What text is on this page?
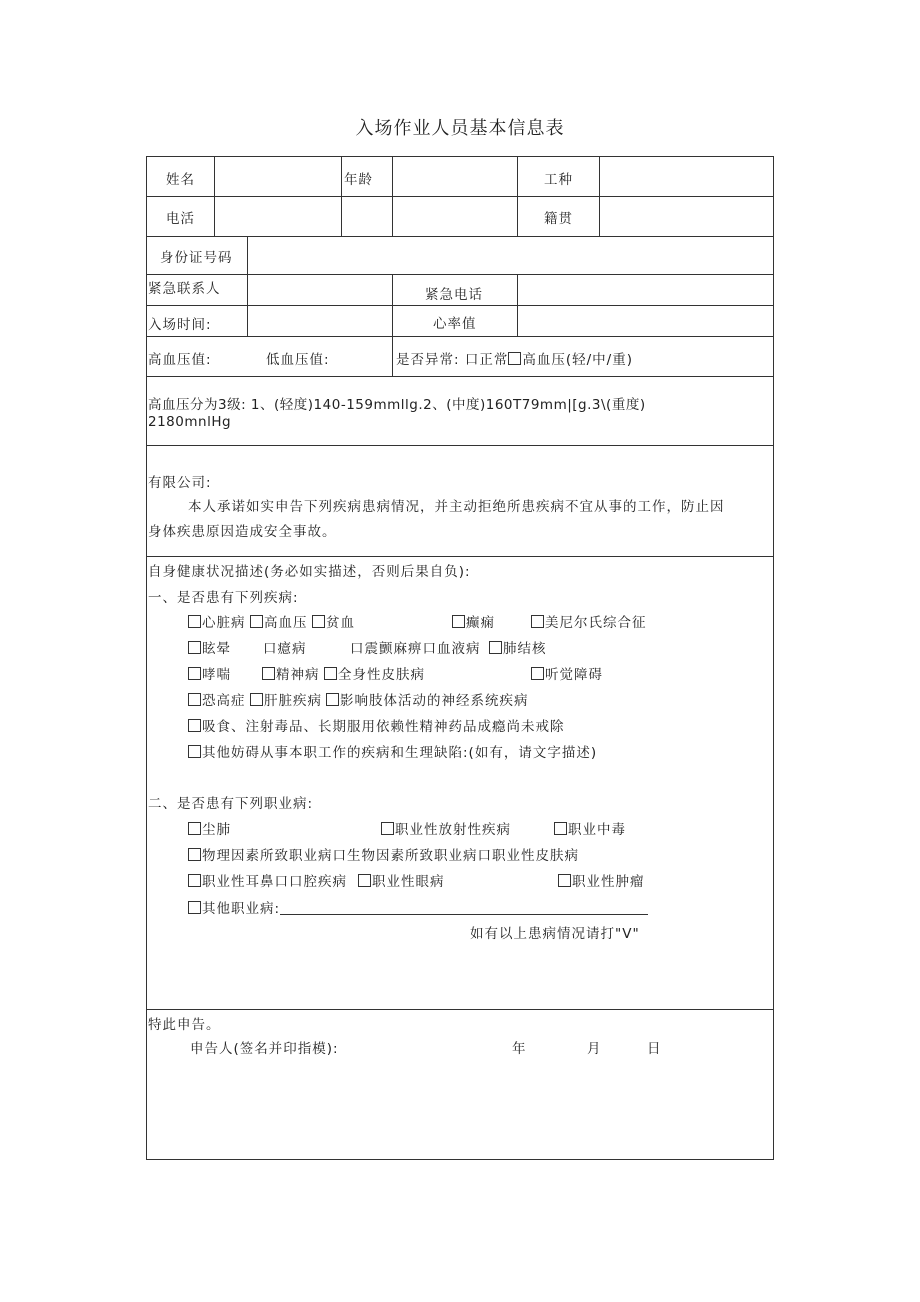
入场作业人员基本信息表
姓名	年龄	工种
电活	籍贯
身份证号码
紧急联系人	紧急电话
入场时间:	心率值
高血压值:	低血压值:	是否异常: 口正常 高血压(轻/中/重)
高血压分为3级: 1、(轻度)140-159mmllg.2、(中度)160T79mm|[g.3\(重度)
2180mnlHg
有限公司:
本人承诺如实申告下列疾病患病情况，并主动拒绝所患疾病不宜从事的工作，防止因
身体疾患原因造成安全事故。
自身健康状况描述(务必如实描述，否则后果自负):
一、是否患有下列疾病:
心脏病	高血压	贫血	癫痫	美尼尔氏综合征
眩晕 口癔病	口震颤麻痹口血液病	肺结核
哮喘	精神病	全身性皮肤病	听觉障碍
恐高症	肝脏疾病	影响肢体活动的神经系统疾病
吸食、注射毒品、长期服用依赖性精神药品成瘾尚未戒除
其他妨碍从事本职工作的疾病和生理缺陷:(如有，请文字描述)
二、是否患有下列职业病:
尘肺	职业性放射性疾病	职业中毒
物理因素所致职业病口生物因素所致职业病口职业性皮肤病
职业性耳鼻口口腔疾病	职业性眼病	职业性肿瘤
其他职业病:
如有以上患病情况请打"V"
特此申告。
申告人(签名并印指模):	年	月	日
